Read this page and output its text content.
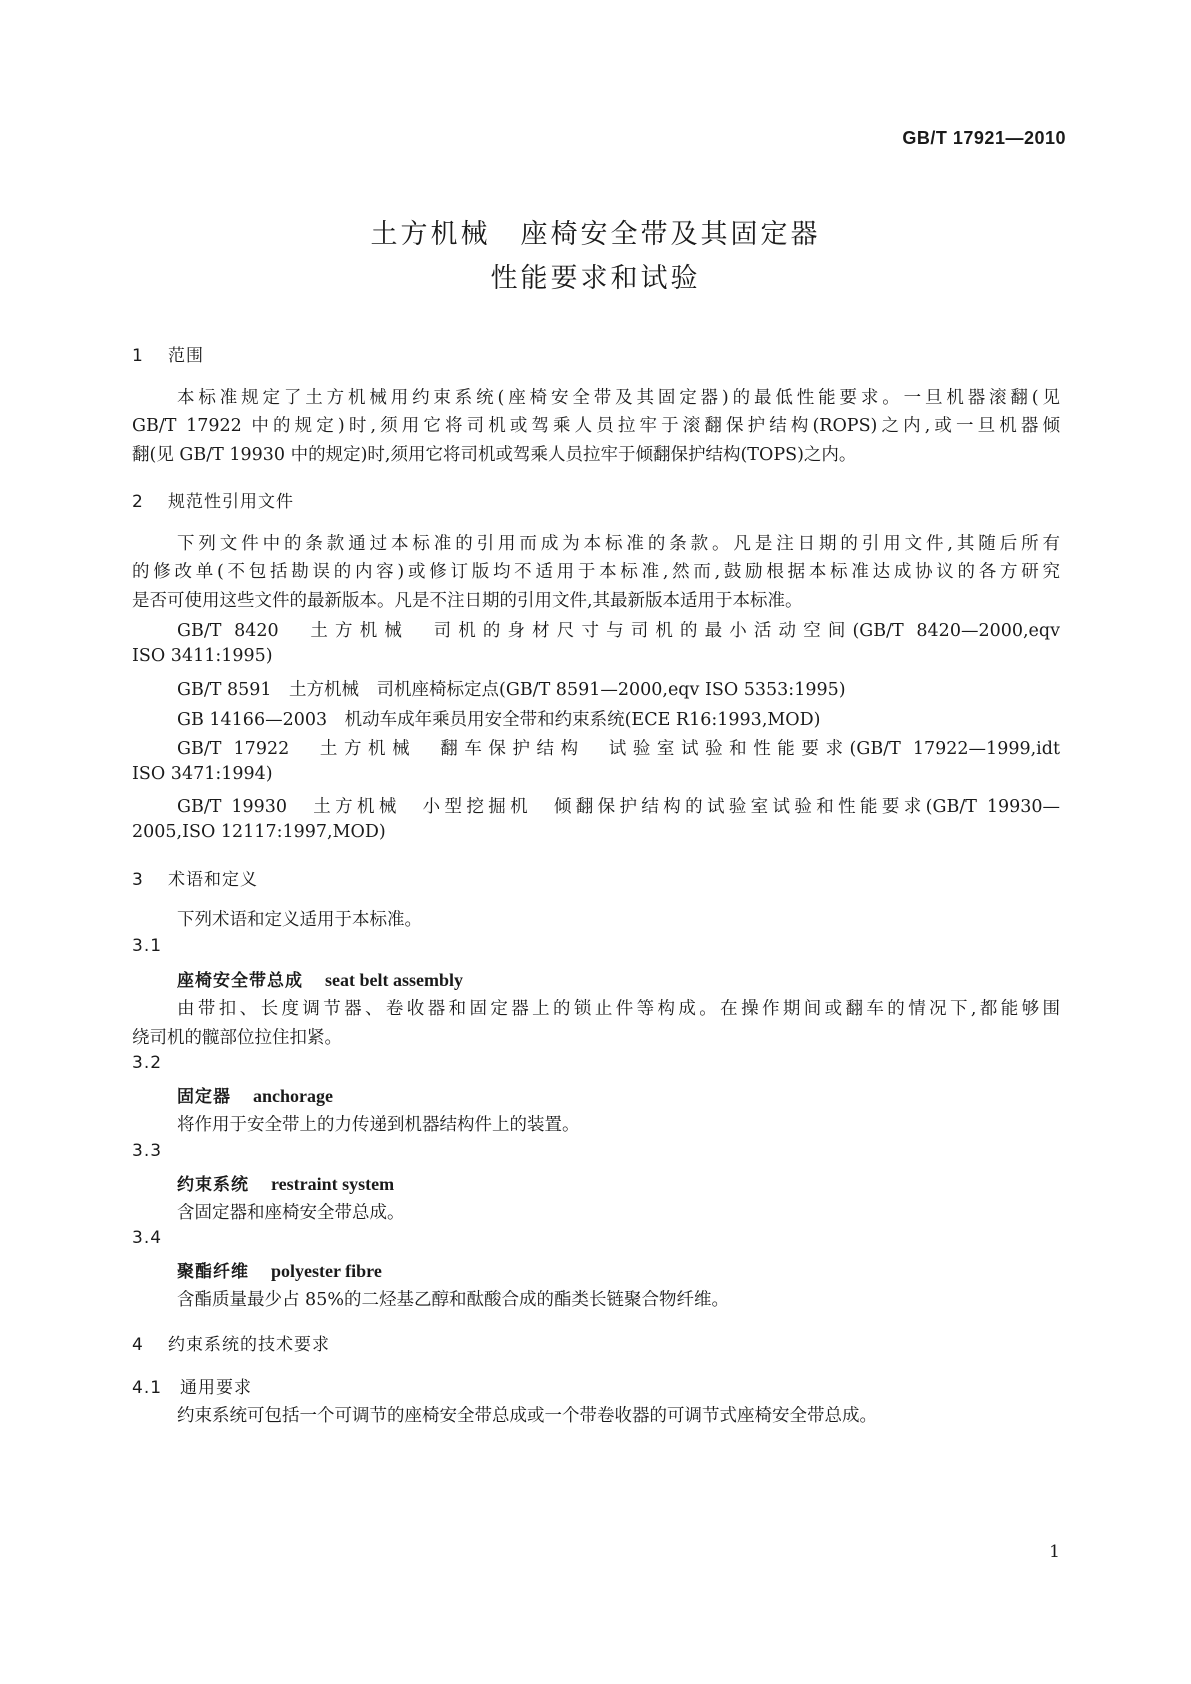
GB/T 17921—2010
土方机械　座椅安全带及其固定器
性能要求和试验
1 范围
本标准规定了土方机械用约束系统(座椅安全带及其固定器)的最低性能要求。一旦机器滚翻(见
GB/T 17922 中的规定)时,须用它将司机或驾乘人员拉牢于滚翻保护结构(ROPS)之内,或一旦机器倾
翻(见 GB/T 19930 中的规定)时,须用它将司机或驾乘人员拉牢于倾翻保护结构(TOPS)之内。
2 规范性引用文件
下列文件中的条款通过本标准的引用而成为本标准的条款。凡是注日期的引用文件,其随后所有
的修改单(不包括勘误的内容)或修订版均不适用于本标准,然而,鼓励根据本标准达成协议的各方研究
是否可使用这些文件的最新版本。凡是不注日期的引用文件,其最新版本适用于本标准。
GB/T 8420　土方机械　司机的身材尺寸与司机的最小活动空间(GB/T 8420—2000,eqv
ISO 3411:1995)
GB/T 8591　土方机械　司机座椅标定点(GB/T 8591—2000,eqv ISO 5353:1995)
GB 14166—2003　机动车成年乘员用安全带和约束系统(ECE R16:1993,MOD)
GB/T 17922　土方机械　翻车保护结构　试验室试验和性能要求(GB/T 17922—1999,idt
ISO 3471:1994)
GB/T 19930　土方机械　小型挖掘机　倾翻保护结构的试验室试验和性能要求(GB/T 19930—
2005,ISO 12117:1997,MOD)
3 术语和定义
下列术语和定义适用于本标准。
3.1
座椅安全带总成 seat belt assembly
由带扣、长度调节器、卷收器和固定器上的锁止件等构成。在操作期间或翻车的情况下,都能够围
绕司机的髋部位拉住扣紧。
3.2
固定器 anchorage
将作用于安全带上的力传递到机器结构件上的装置。
3.3
约束系统 restraint system
含固定器和座椅安全带总成。
3.4
聚酯纤维 polyester fibre
含酯质量最少占 85%的二烃基乙醇和酞酸合成的酯类长链聚合物纤维。
4 约束系统的技术要求
4.1 通用要求
约束系统可包括一个可调节的座椅安全带总成或一个带卷收器的可调节式座椅安全带总成。
1
